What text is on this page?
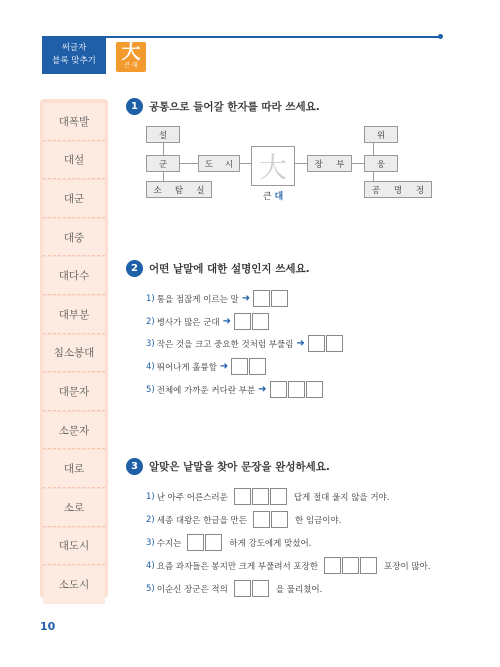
써글자
블록 맞추기	大
큰 대
대폭발
대설
대군
대중
대다수
대부분
침소봉대
대문자
소문자
대로
소로
대도시
소도시
1	공통으로 들어갈 한자를 따라 쓰세요.
설
군	도	시
소	탐	실
大
큰 대
장	부
위
웅
공	명	정
2	어떤 낱말에 대한 설명인지 쓰세요.
1) 통을 점잖게 이르는 말 ➜
2) 병사가 많은 군대 ➜
3) 작은 것을 크고 중요한 것처럼 부풀림 ➜
4) 뛰어나게 훌륭함 ➜
5) 전체에 가까운 커다란 부분 ➜
3	알맞은 낱말을 찾아 문장을 완성하세요.
1) 난 아주 어른스러운	답게 절대 울지 않을 거야.
2) 세종 대왕은 한글을 만든	한 임금이야.
3) 수지는	하게 강도에게 맞섰어.
4) 요즘 과자들은 봉지만 크게 부풀려서 포장한	포장이 많아.
5) 이순신 장군은 적의	을 물리쳤어.
10
